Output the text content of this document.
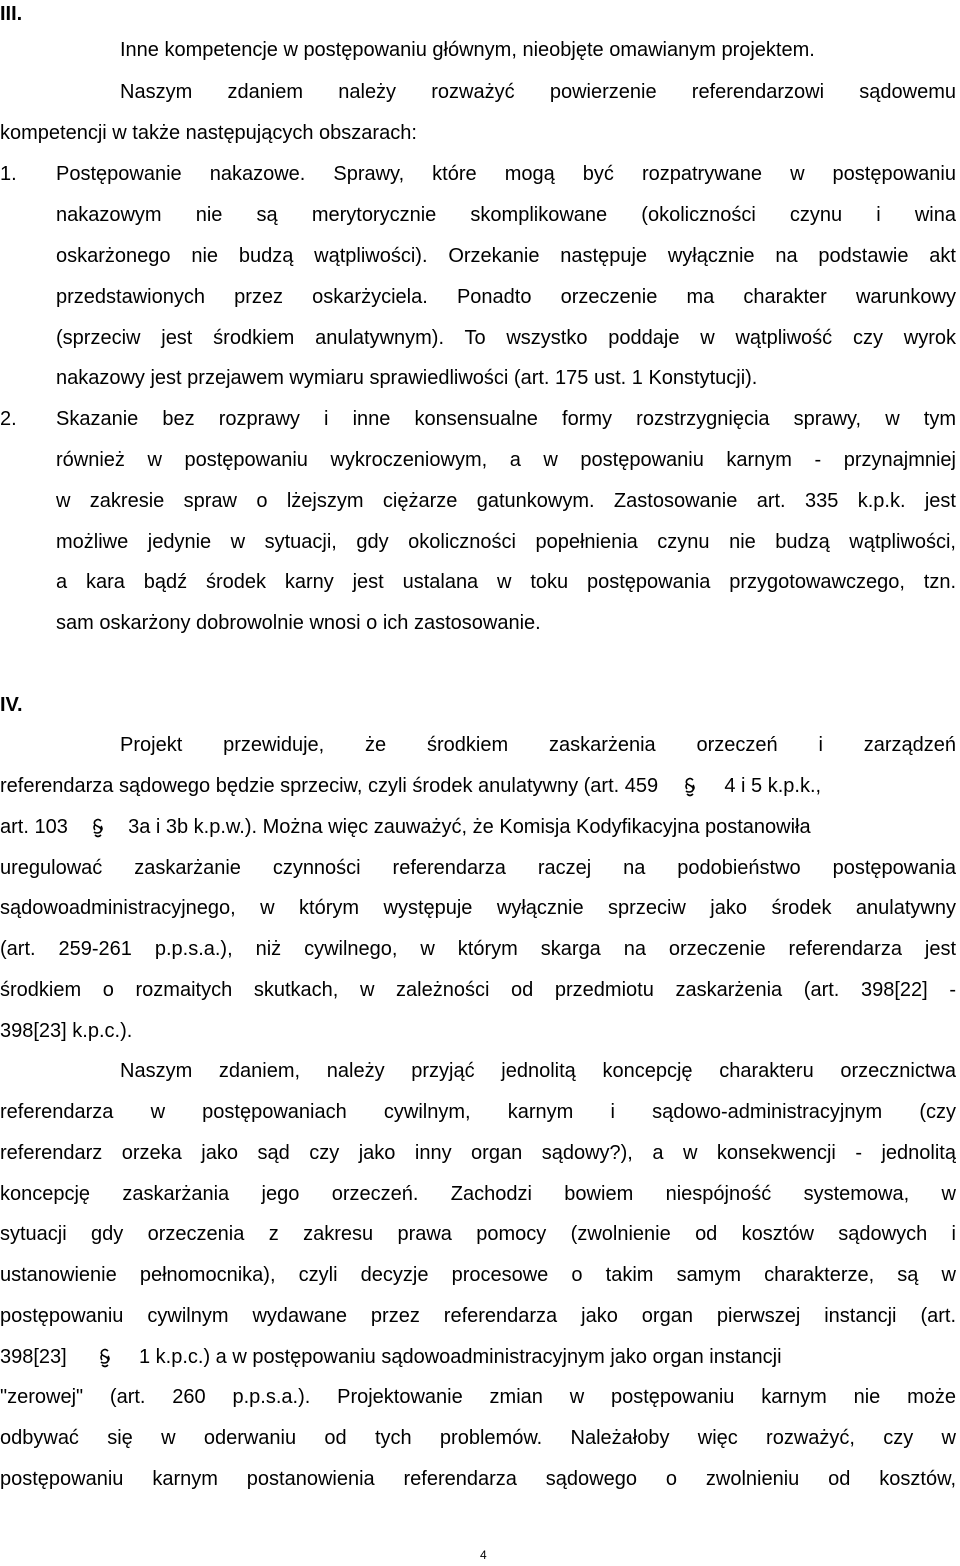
III.
Inne kompetencje w postępowaniu głównym, nieobjęte omawianym projektem.
Naszym zdaniem należy rozważyć powierzenie referendarzowi sądowemu
kompetencji w także następujących obszarach:
1. Postępowanie nakazowe. Sprawy, które mogą być rozpatrywane w postępowaniu
nakazowym nie są merytorycznie skomplikowane (okoliczności czynu i wina
oskarżonego nie budzą wątpliwości). Orzekanie następuje wyłącznie na podstawie akt
przedstawionych przez oskarżyciela. Ponadto orzeczenie ma charakter warunkowy
(sprzeciw jest środkiem anulatywnym). To wszystko poddaje w wątpliwość czy wyrok
nakazowy jest przejawem wymiaru sprawiedliwości (art. 175 ust. 1 Konstytucji).
2. Skazanie bez rozprawy i inne konsensualne formy rozstrzygnięcia sprawy, w tym
również w postępowaniu wykroczeniowym, a w postępowaniu karnym - przynajmniej
w zakresie spraw o lżejszym ciężarze gatunkowym. Zastosowanie art. 335 k.p.k. jest
możliwe jedynie w sytuacji, gdy okoliczności popełnienia czynu nie budzą wątpliwości,
a kara bądź środek karny jest ustalana w toku postępowania przygotowawczego, tzn.
sam oskarżony dobrowolnie wnosi o ich zastosowanie.
IV.
Projekt przewiduje, że środkiem zaskarżenia orzeczeń i zarządzeń
referendarza sądowego będzie sprzeciw, czyli środek anulatywny (art. 459	4 i 5 k.p.k.,
art. 103	3a i 3b k.p.w.). Można więc zauważyć, że Komisja Kodyfikacyjna postanowiła
uregulować zaskarżanie czynności referendarza raczej na podobieństwo postępowania
sądowoadministracyjnego, w którym występuje wyłącznie sprzeciw jako środek anulatywny
(art. 259-261 p.p.s.a.), niż cywilnego, w którym skarga na orzeczenie referendarza jest
środkiem o rozmaitych skutkach, w zależności od przedmiotu zaskarżenia (art. 398[22] -
398[23] k.p.c.).
Naszym zdaniem, należy przyjąć jednolitą koncepcję charakteru orzecznictwa
referendarza w postępowaniach cywilnym, karnym i sądowo-administracyjnym (czy
referendarz orzeka jako sąd czy jako inny organ sądowy?), a w konsekwencji - jednolitą
koncepcję zaskarżania jego orzeczeń. Zachodzi bowiem niespójność systemowa, w
sytuacji gdy orzeczenia z zakresu prawa pomocy (zwolnienie od kosztów sądowych i
ustanowienie pełnomocnika), czyli decyzje procesowe o takim samym charakterze, są w
postępowaniu cywilnym wydawane przez referendarza jako organ pierwszej instancji (art.
398[23]	1 k.p.c.) a w postępowaniu sądowoadministracyjnym jako organ instancji
"zerowej" (art. 260 p.p.s.a.). Projektowanie zmian w postępowaniu karnym nie może
odbywać się w oderwaniu od tych problemów. Należałoby więc rozważyć, czy w
postępowaniu karnym postanowienia referendarza sądowego o zwolnieniu od kosztów,
4
